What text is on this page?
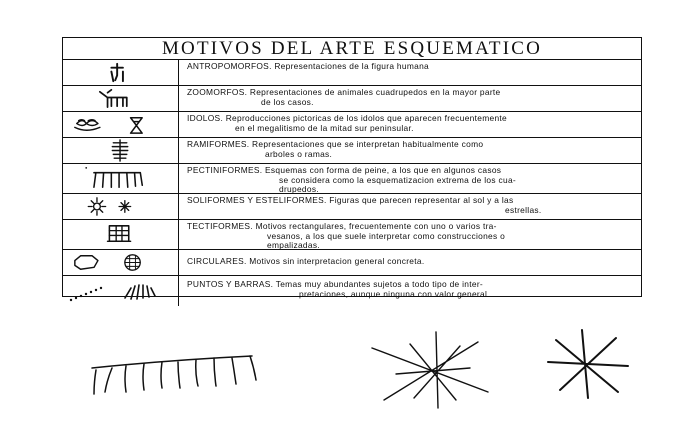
MOTIVOS DEL ARTE ESQUEMATICO
ANTROPOMORFOS. Representaciones de la figura humana
ZOOMORFOS. Representaciones de animales cuadrupedos en la mayor parte
de los casos.
IDOLOS. Reproducciones pictoricas de los idolos que aparecen frecuentemente
en el megalitismo de la mitad sur peninsular.
RAMIFORMES. Representaciones que se interpretan habitualmente como
arboles o ramas.
PECTINIFORMES. Esquemas con forma de peine, a los que en algunos casos
se considera como la esquematizacion extrema de los cua-
drupedos.
SOLIFORMES Y ESTELIFORMES. Figuras que parecen representar al sol y a las
estrellas.
TECTIFORMES. Motivos rectangulares, frecuentemente con uno o varios tra-
vesanos, a los que suele interpretar como construcciones o
empalizadas.
CIRCULARES. Motivos sin interpretacion general concreta.
PUNTOS Y BARRAS. Temas muy abundantes sujetos a todo tipo de inter-
pretaciones, aunque ninguna con valor general.
